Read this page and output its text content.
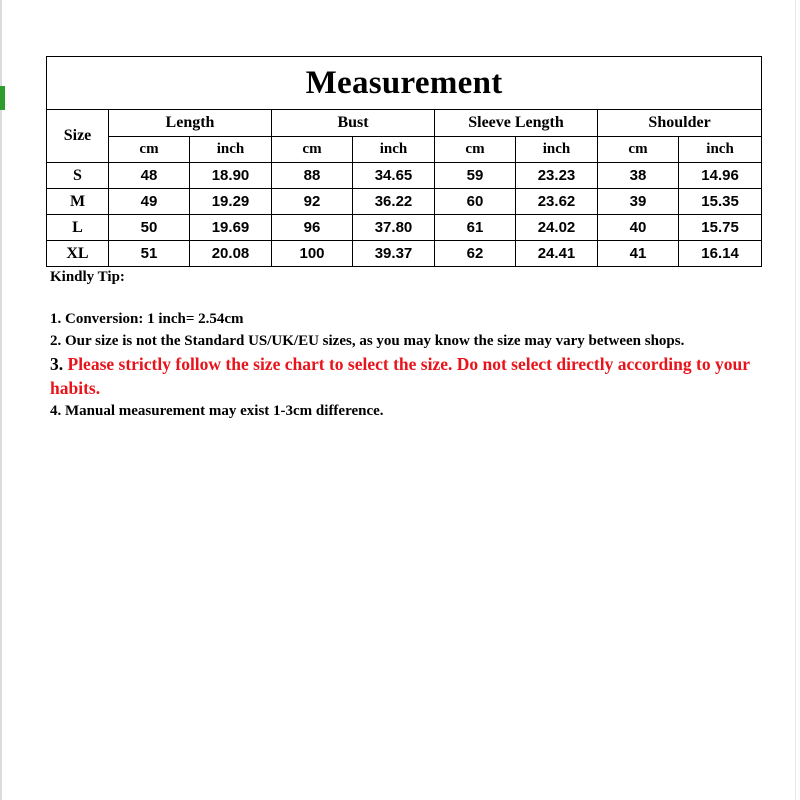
Measurement								
Size	Length		Bust		Sleeve Length		Shoulder	
	cm	inch	cm	inch	cm	inch	cm	inch
S	48	18.90	88	34.65	59	23.23	38	14.96
M	49	19.29	92	36.22	60	23.62	39	15.35
L	50	19.69	96	37.80	61	24.02	40	15.75
XL	51	20.08	100	39.37	62	24.41	41	16.14

Kindly Tip:

1. Conversion: 1 inch= 2.54cm

2. Our size is not the Standard US/UK/EU sizes, as you may know the size may vary between shops.

3. Please strictly follow the size chart to select the size. Do not select directly according to your habits.

4. Manual measurement may exist 1-3cm difference.
